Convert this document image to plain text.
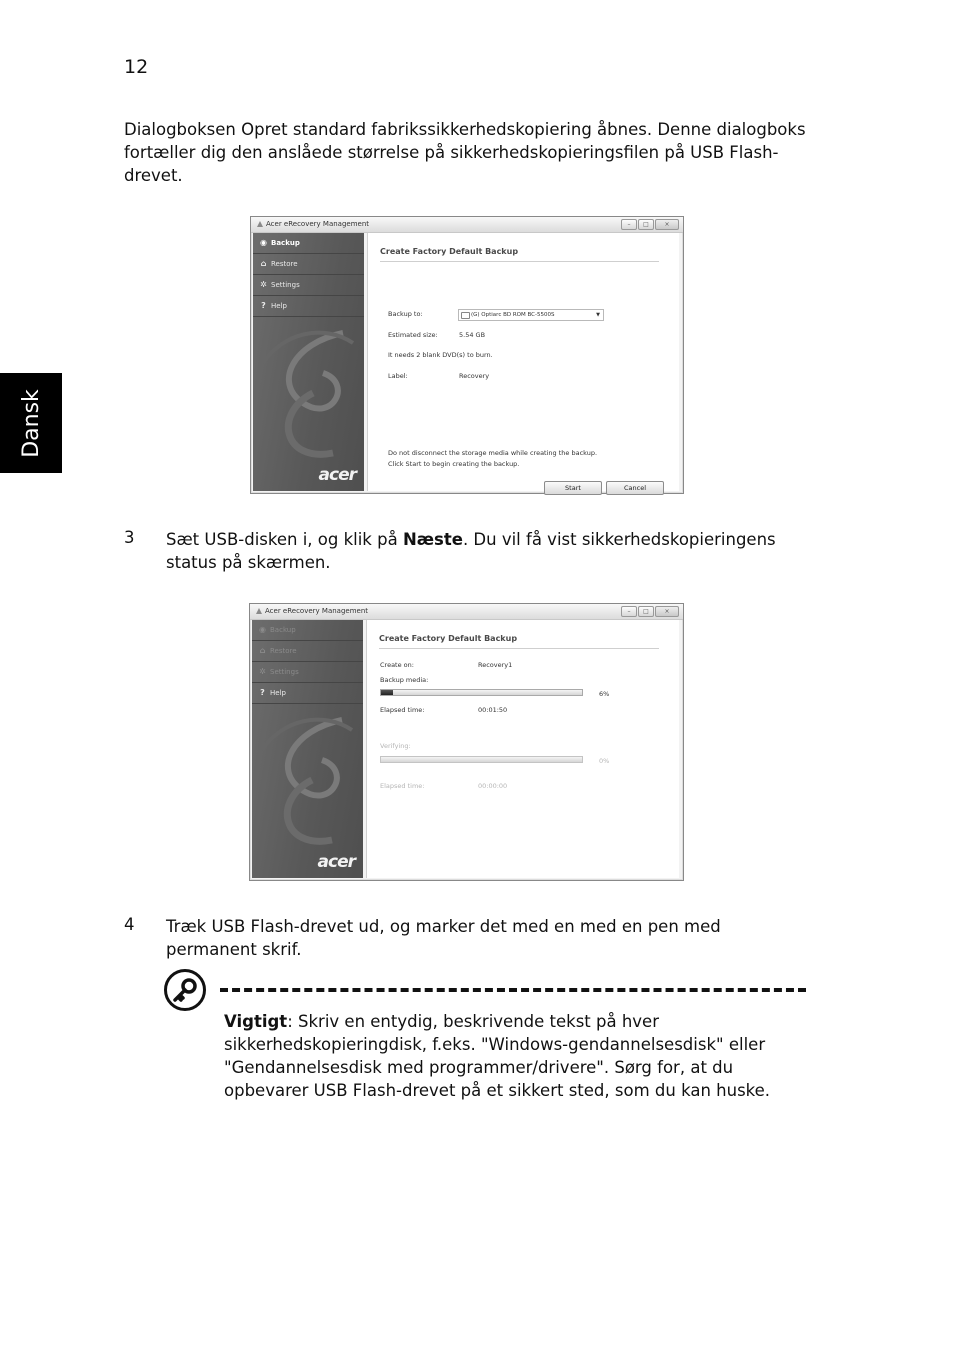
12
Dansk
Dialogboksen Opret standard fabrikssikkerhedskopiering åbnes. Denne dialogboks fortæller dig den anslåede størrelse på sikkerhedskopieringsfilen på USB Flash-drevet.
Acer eRecovery Management	–	□	×
◉ Backup
⌂ Restore
✲ Settings
? Help
acer
Create Factory Default Backup
Backup to:	(G) Optiarc BD ROM BC-5500S	▼
Estimated size:	5.54 GB
It needs 2 blank DVD(s) to burn.
Label:	Recovery
Do not disconnect the storage media while creating the backup.
Click Start to begin creating the backup.
Start	Cancel
3 Sæt USB-disken i, og klik på Næste. Du vil få vist sikkerhedskopieringens status på skærmen.
Acer eRecovery Management	–	□	×
◉ Backup
⌂ Restore
✲ Settings
? Help
acer
Create Factory Default Backup
Create on:	Recovery1
Backup media:
6%
Elapsed time:	00:01:50
Verifying:
0%
Elapsed time:	00:00:00
4 Træk USB Flash-drevet ud, og marker det med en med en pen med permanent skrif.
Vigtigt: Skriv en entydig, beskrivende tekst på hver sikkerhedskopieringdisk, f.eks. "Windows-gendannelsesdisk" eller "Gendannelsesdisk med programmer/drivere". Sørg for, at du opbevarer USB Flash-drevet på et sikkert sted, som du kan huske.
